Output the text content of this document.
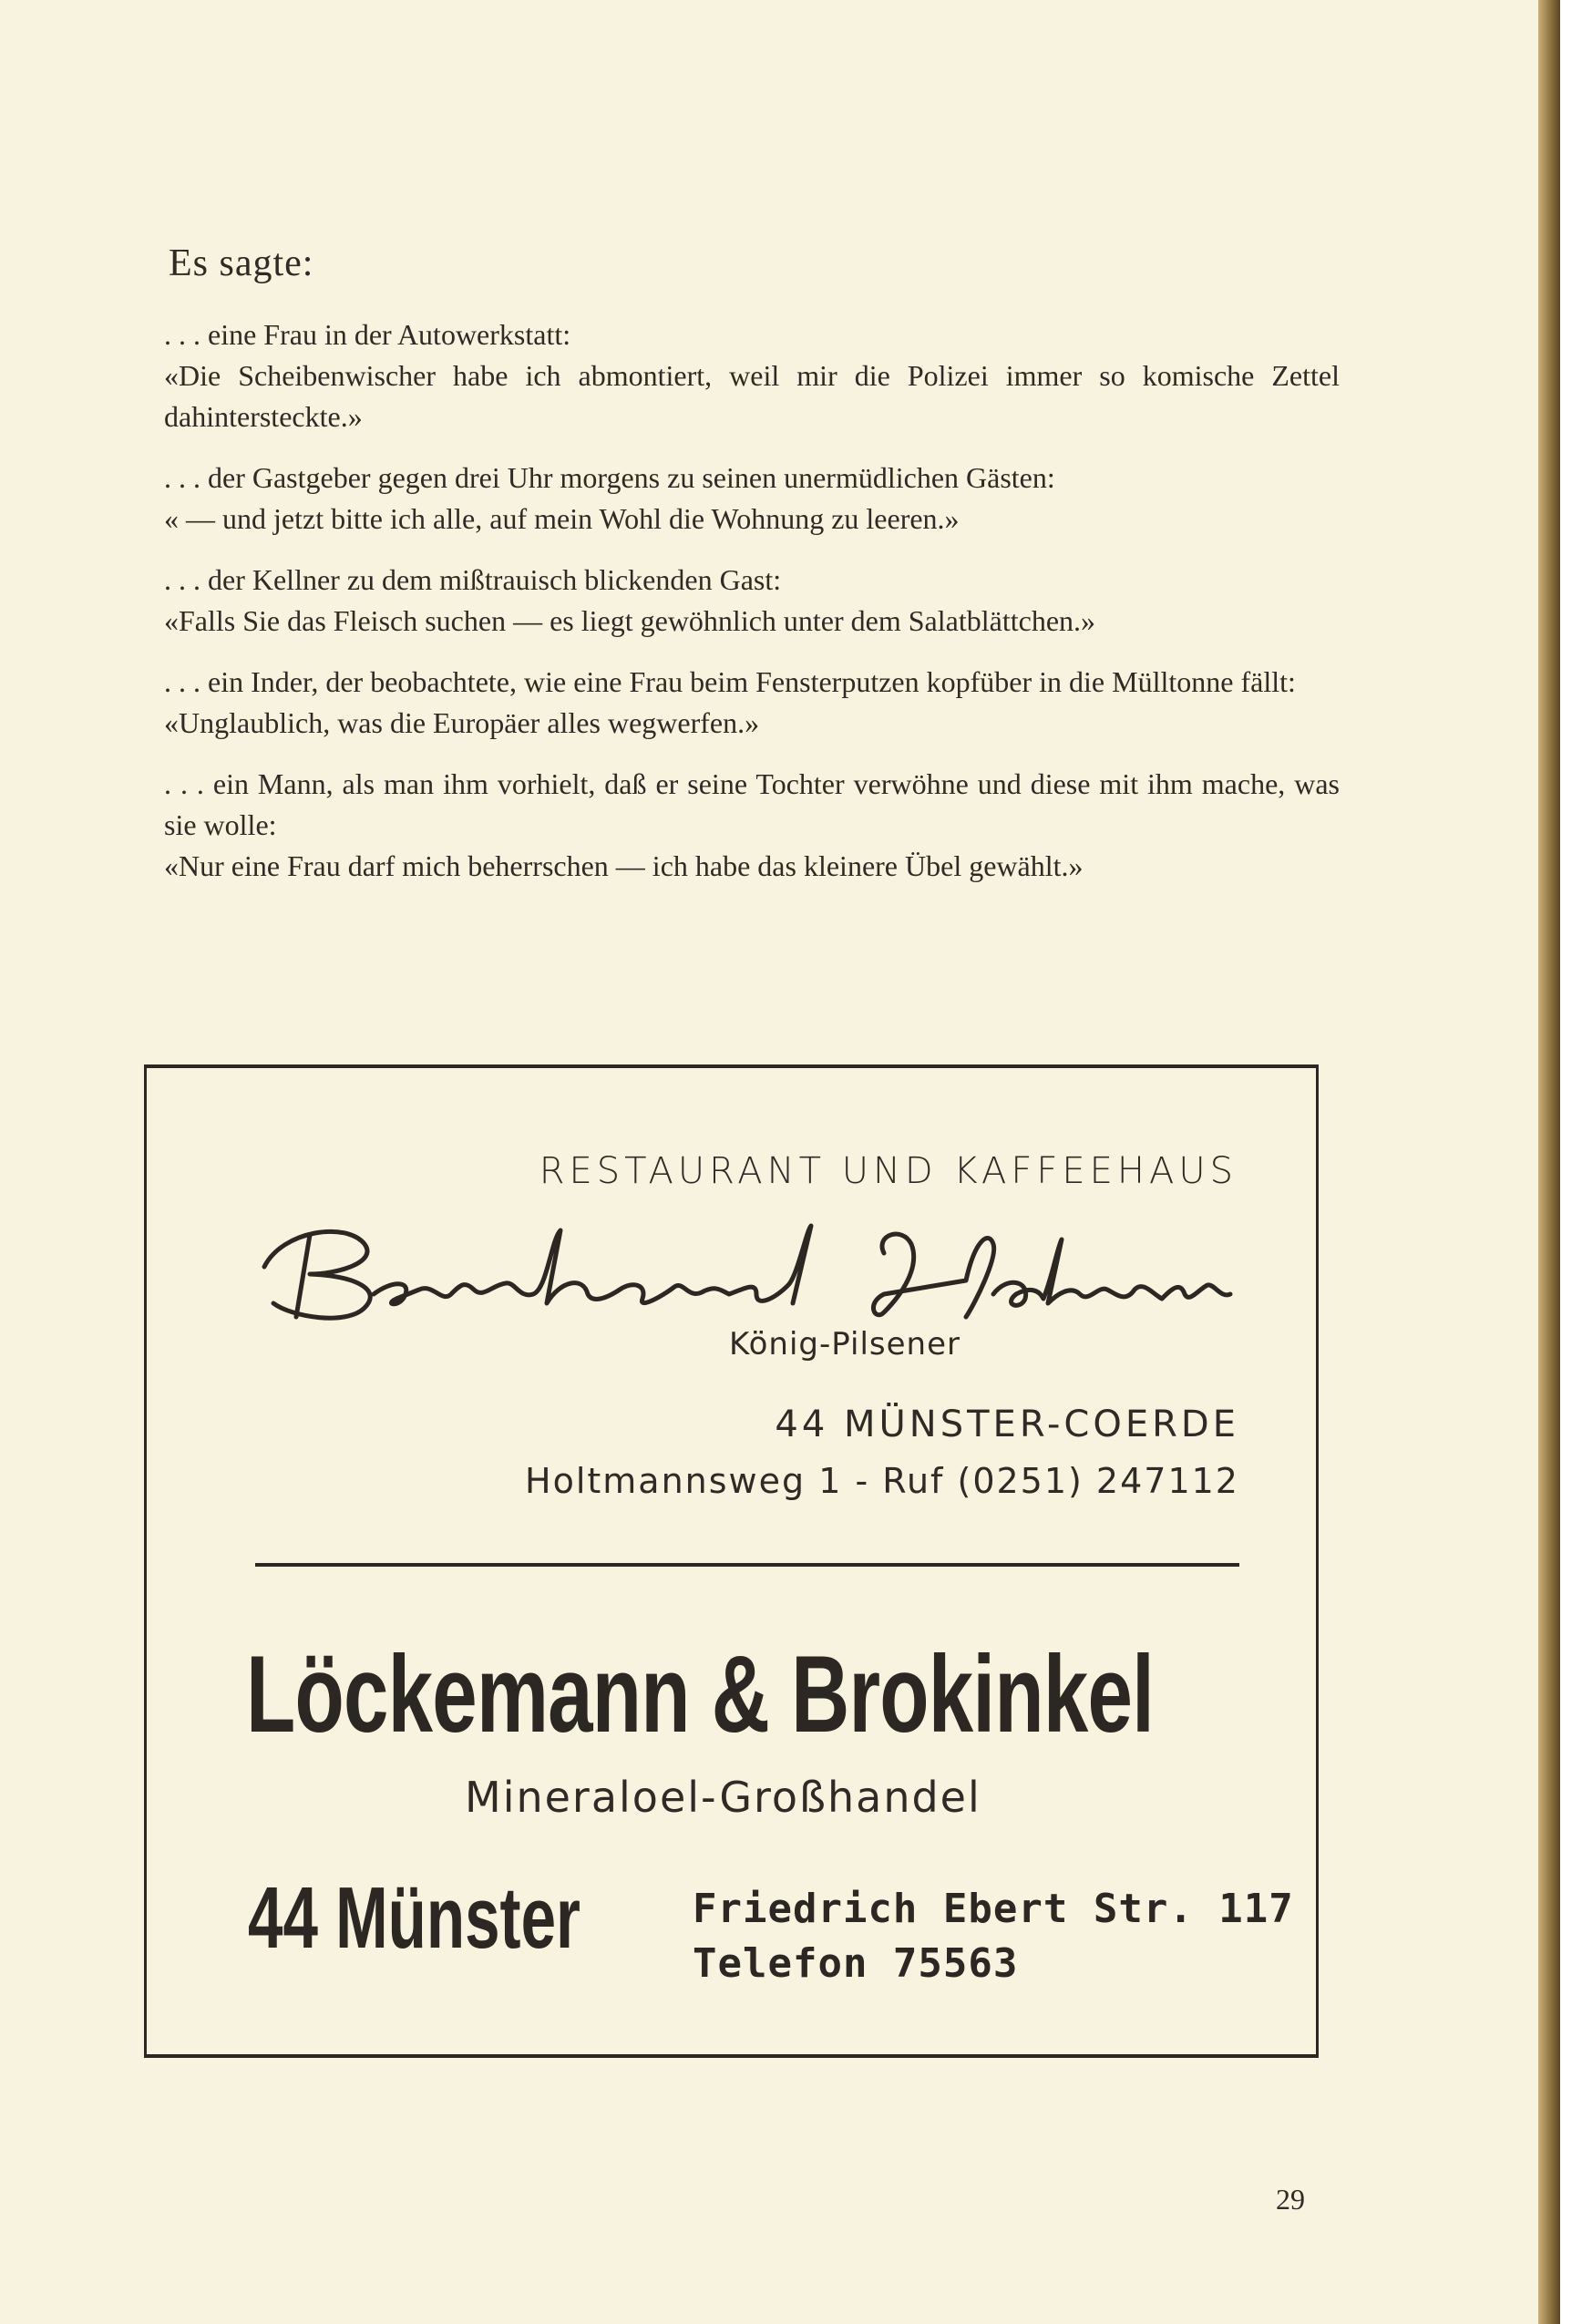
Es sagte:
. . . eine Frau in der Autowerkstatt:
«Die Scheibenwischer habe ich abmontiert, weil mir die Polizei immer so komische Zettel dahintersteckte.»
. . . der Gastgeber gegen drei Uhr morgens zu seinen unermüdlichen Gästen:
« — und jetzt bitte ich alle, auf mein Wohl die Wohnung zu leeren.»
. . . der Kellner zu dem mißtrauisch blickenden Gast:
«Falls Sie das Fleisch suchen — es liegt gewöhnlich unter dem Salatblättchen.»
. . . ein Inder, der beobachtete, wie eine Frau beim Fensterputzen kopfüber in die Mülltonne fällt:
«Unglaublich, was die Europäer alles wegwerfen.»
. . . ein Mann, als man ihm vorhielt, daß er seine Tochter verwöhne und diese mit ihm mache, was sie wolle:
«Nur eine Frau darf mich beherrschen — ich habe das kleinere Übel gewählt.»
RESTAURANT UND KAFFEEHAUS
König-Pilsener
44 MÜNSTER-COERDE
Holtmannsweg 1 - Ruf (0251) 247112
Löckemann & Brokinkel
Mineraloel-Großhandel
44 Münster	Friedrich Ebert Str. 117
Telefon 75563
29
